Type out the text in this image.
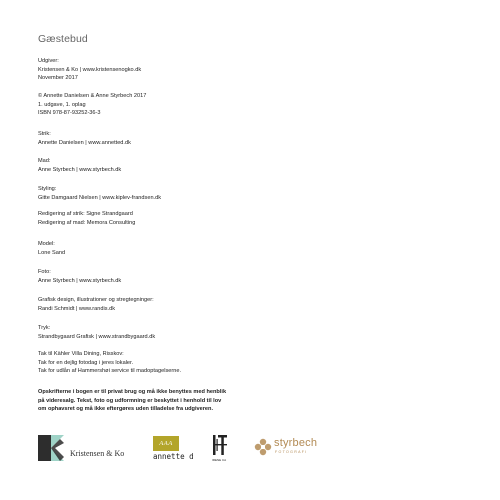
Gæstebud
Udgiver:
Kristensen & Ko | www.kristensenogko.dk
November 2017
© Annette Danielsen & Anne Styrbech 2017
1. udgave, 1. oplag
ISBN 978-87-93252-36-3
Strik:
Annette Danielsen | www.annetted.dk
Mad:
Anne Styrbech | www.styrbech.dk
Styling:
Gitte Damgaard Nielsen | www.kiplev-frandsen.dk
Redigering af strik: Signe Strandgaard
Redigering af mad: Memora Consulting
Model:
Lone Sand
Foto:
Anne Styrbech | www.styrbech.dk
Grafisk design, illustrationer og stregtegninger:
Randi Schmidt | www.randis.dk
Tryk:
Strandbygaard Grafisk | www.strandbygaard.dk
Tak til Kähler Villa Dining, Risskov:
Tak for en dejlig fotodag i jeres lokaler.
Tak for udlån af Hammershøi service til madoptagelserne.
Opskrifterne i bogen er til privat brug og må ikke benyttes med henblik
på videresalg. Tekst, foto og udformning er beskyttet i henhold til lov
om ophavsret og må ikke eftergøres uden tilladelse fra udgiveren.
Kristensen & Ko
AAA
annette d	IRENE CA
styrbech
FOTOGRAFI
